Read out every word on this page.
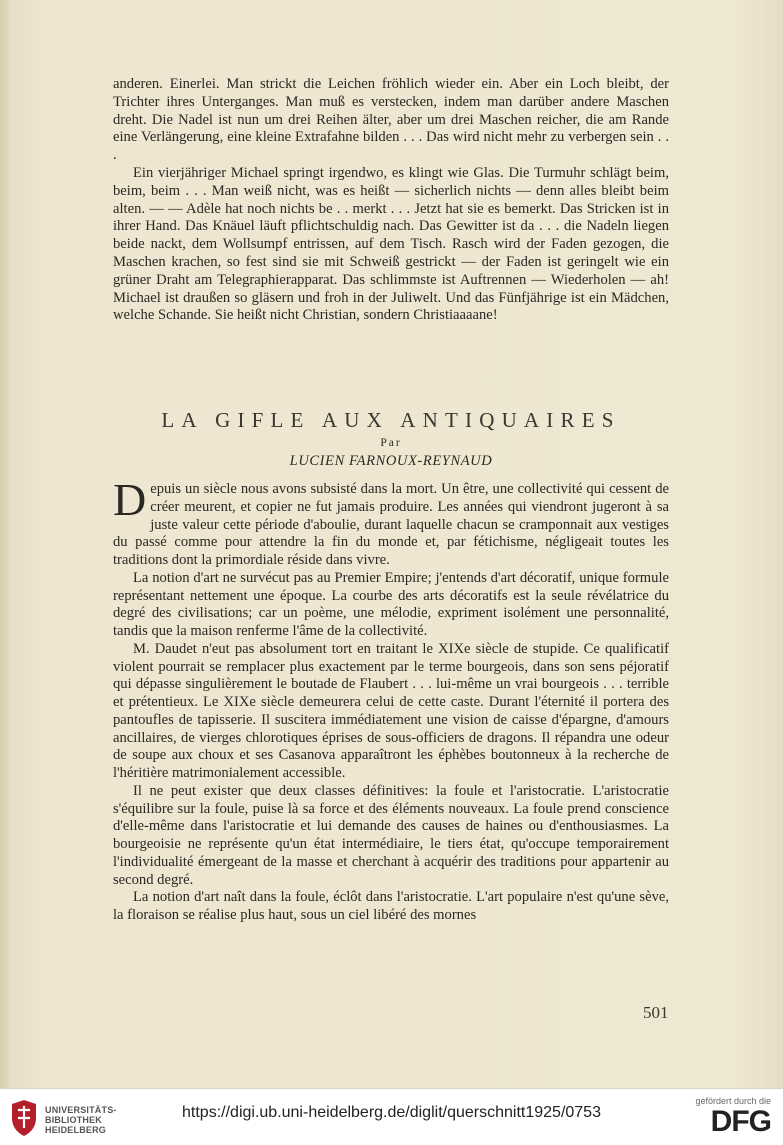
anderen. Einerlei. Man strickt die Leichen fröhlich wieder ein. Aber ein Loch bleibt, der Trichter ihres Unterganges. Man muß es verstecken, indem man darüber andere Maschen dreht. Die Nadel ist nun um drei Reihen älter, aber um drei Maschen reicher, die am Rande eine Verlängerung, eine kleine Extrafahne bilden . . . Das wird nicht mehr zu verbergen sein . . .

Ein vierjähriger Michael springt irgendwo, es klingt wie Glas. Die Turmuhr schlägt beim, beim, beim . . . Man weiß nicht, was es heißt — sicherlich nichts — denn alles bleibt beim alten. — — Adèle hat noch nichts be . . merkt . . . Jetzt hat sie es bemerkt. Das Stricken ist in ihrer Hand. Das Knäuel läuft pflichtschuldig nach. Das Gewitter ist da . . . die Nadeln liegen beide nackt, dem Wollsumpf entrissen, auf dem Tisch. Rasch wird der Faden gezogen, die Maschen krachen, so fest sind sie mit Schweiß gestrickt — der Faden ist geringelt wie ein grüner Draht am Telegraphierapparat. Das schlimmste ist Auftrennen — Wiederholen — ah! Michael ist draußen so gläsern und froh in der Juliwelt. Und das Fünfjährige ist ein Mädchen, welche Schande. Sie heißt nicht Christian, sondern Christiaaaane!

LA GIFLE AUX ANTIQUAIRES
Par
LUCIEN FARNOUX-REYNAUD

Depuis un siècle nous avons subsisté dans la mort. Un être, une collectivité qui cessent de créer meurent, et copier ne fut jamais produire. Les années qui viendront jugeront à sa juste valeur cette période d'aboulie, durant laquelle chacun se cramponnait aux vestiges du passé comme pour attendre la fin du monde et, par fétichisme, négligeait toutes les traditions dont la primordiale réside dans vivre.

La notion d'art ne survécut pas au Premier Empire; j'entends d'art décoratif, unique formule représentant nettement une époque. La courbe des arts décoratifs est la seule révélatrice du degré des civilisations; car un poème, une mélodie, expriment isolément une personnalité, tandis que la maison renferme l'âme de la collectivité.

M. Daudet n'eut pas absolument tort en traitant le XIXe siècle de stupide. Ce qualificatif violent pourrait se remplacer plus exactement par le terme bourgeois, dans son sens péjoratif qui dépasse singulièrement le boutade de Flaubert . . . lui-même un vrai bourgeois . . . terrible et prétentieux. Le XIXe siècle demeurera celui de cette caste. Durant l'éternité il portera des pantoufles de tapisserie. Il suscitera immédiatement une vision de caisse d'épargne, d'amours ancillaires, de vierges chlorotiques éprises de sous-officiers de dragons. Il répandra une odeur de soupe aux choux et ses Casanova apparaîtront les éphèbes boutonneux à la recherche de l'héritière matrimonialement accessible.

Il ne peut exister que deux classes définitives: la foule et l'aristocratie. L'aristocratie s'équilibre sur la foule, puise là sa force et des éléments nouveaux. La foule prend conscience d'elle-même dans l'aristocratie et lui demande des causes de haines ou d'enthousiasmes. La bourgeoisie ne représente qu'un état intermédiaire, le tiers état, qu'occupe temporairement l'individualité émergeant de la masse et cherchant à acquérir des traditions pour appartenir au second degré.

La notion d'art naît dans la foule, éclôt dans l'aristocratie. L'art populaire n'est qu'une sève, la floraison se réalise plus haut, sous un ciel libéré des mornes

501
UNIVERSITÄTS-
BIBLIOTHEK
HEIDELBERG
https://digi.ub.uni-heidelberg.de/diglit/querschnitt1925/0753
gefördert durch die
DFG
